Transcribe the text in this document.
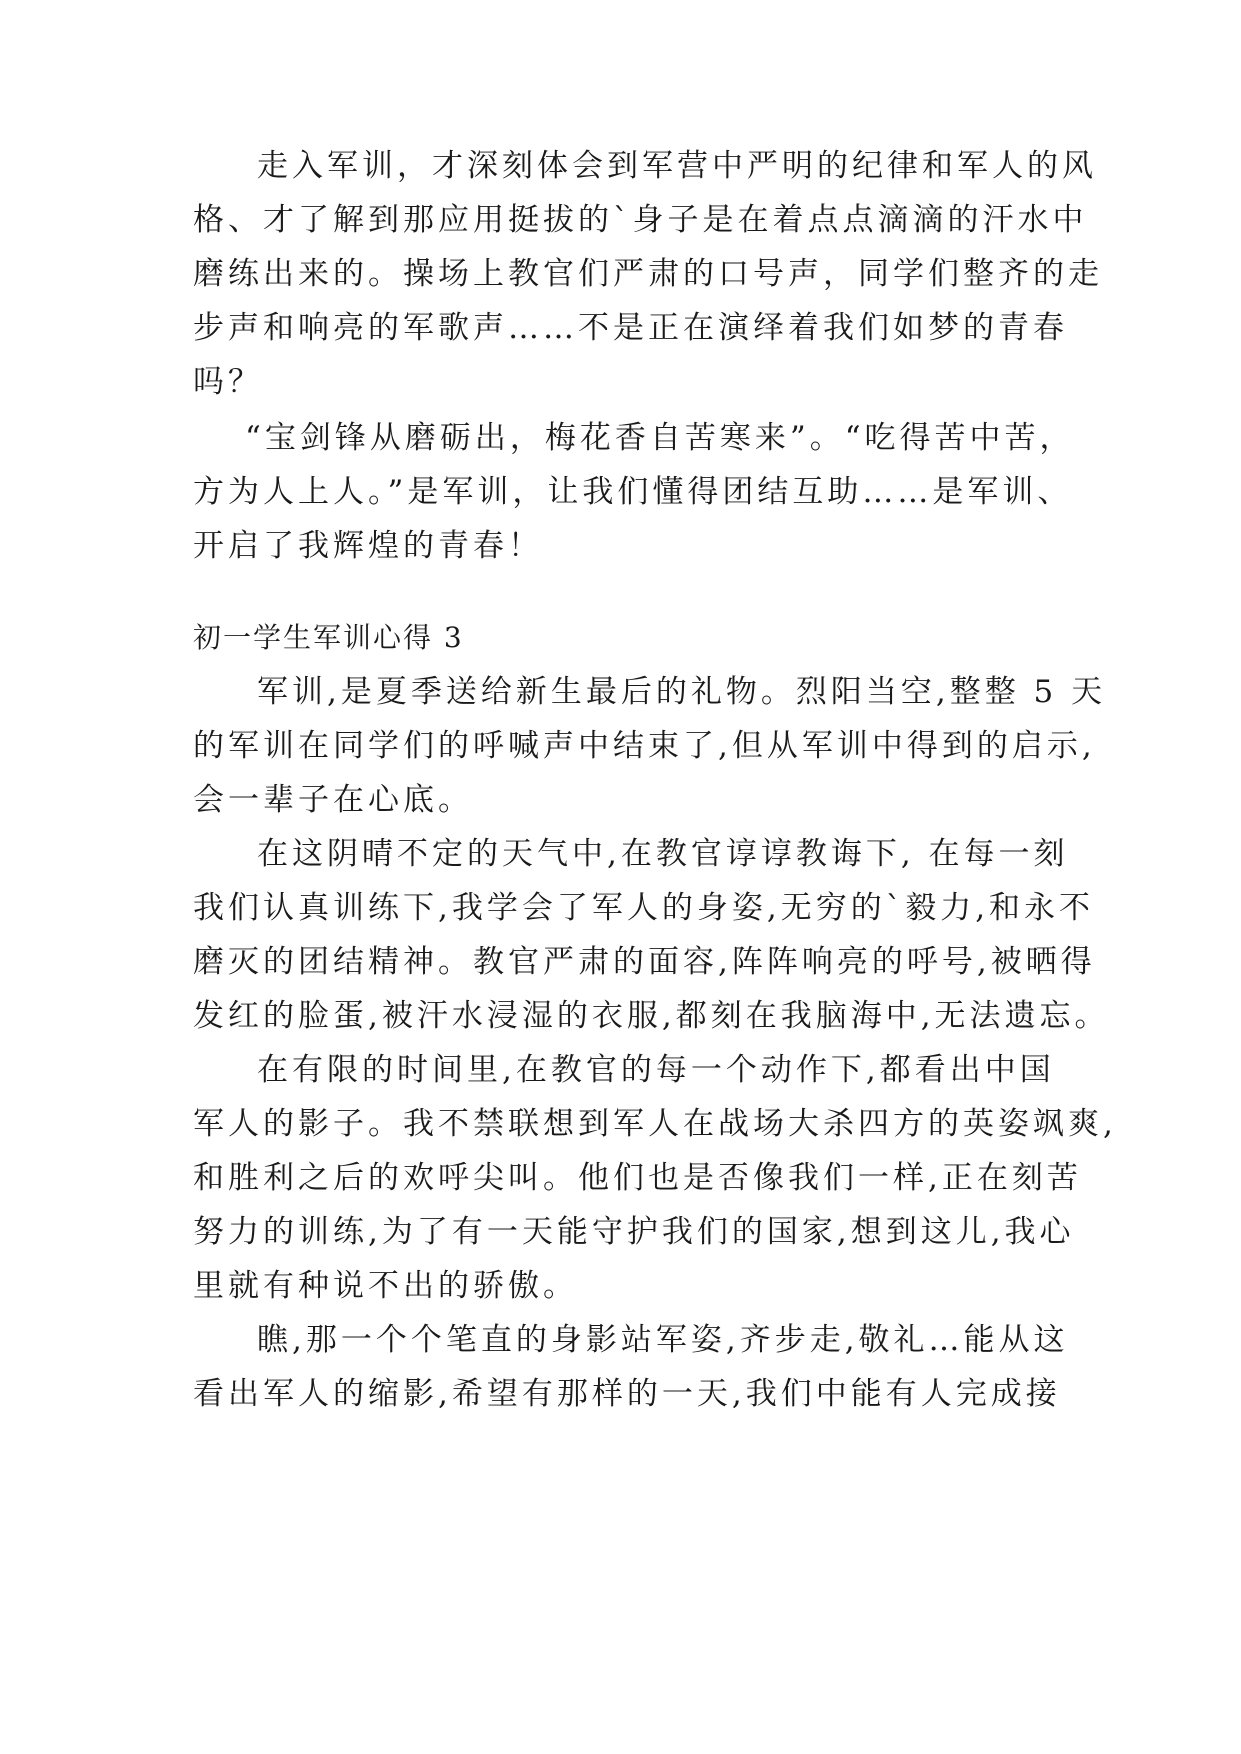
走入军训，才深刻体会到军营中严明的纪律和军人的风
格、才了解到那应用挺拔的`身子是在着点点滴滴的汗水中
磨练出来的。操场上教官们严肃的口号声，同学们整齐的走
步声和响亮的军歌声……不是正在演绎着我们如梦的青春
吗？
“宝剑锋从磨砺出，梅花香自苦寒来”。“吃得苦中苦，
方为人上人。”是军训，让我们懂得团结互助……是军训、
开启了我辉煌的青春！
初一学生军训心得 3
军训,是夏季送给新生最后的礼物。烈阳当空,整整 5 天
的军训在同学们的呼喊声中结束了,但从军训中得到的启示,
会一辈子在心底。
在这阴晴不定的天气中,在教官谆谆教诲下, 在每一刻
我们认真训练下,我学会了军人的身姿,无穷的`毅力,和永不
磨灭的团结精神。教官严肃的面容,阵阵响亮的呼号,被晒得
发红的脸蛋,被汗水浸湿的衣服,都刻在我脑海中,无法遗忘。
在有限的时间里,在教官的每一个动作下,都看出中国
军人的影子。我不禁联想到军人在战场大杀四方的英姿飒爽,
和胜利之后的欢呼尖叫。他们也是否像我们一样,正在刻苦
努力的训练,为了有一天能守护我们的国家,想到这儿,我心
里就有种说不出的骄傲。
瞧,那一个个笔直的身影站军姿,齐步走,敬礼…能从这
看出军人的缩影,希望有那样的一天,我们中能有人完成接
